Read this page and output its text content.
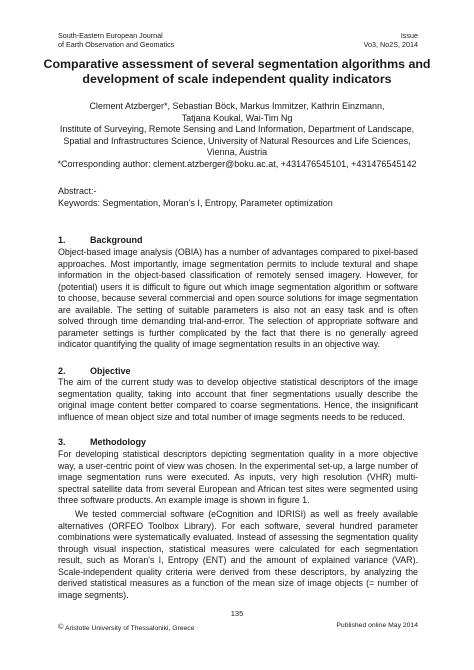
South-Eastern European Journal
of Earth Observation and Geomatics
Issue
Vo3, No2S, 2014
Comparative assessment of several segmentation algorithms and
development of scale independent quality indicators
Clement Atzberger*, Sebastian Böck, Markus Immitzer, Kathrin Einzmann,
Tatjana Koukal, Wai-Tim Ng
Institute of Surveying, Remote Sensing and Land Information, Department of Landscape,
Spatial and Infrastructures Science, University of Natural Resources and Life Sciences,
Vienna, Austria
*Corresponding author: clement.atzberger@boku.ac.at, +431476545101, +431476545142
Abstract:-
Keywords: Segmentation, Moran’s I, Entropy, Parameter optimization
1.	Background

Object-based image analysis (OBIA) has a number of advantages compared to pixel-based approaches. Most importantly, image segmentation permits to include textural and shape information in the object-based classification of remotely sensed imagery. However, for (potential) users it is difficult to figure out which image segmentation algorithm or software to choose, because several commercial and open source solutions for image segmentation are available. The setting of suitable parameters is also not an easy task and is often solved through time demanding trial-and-error. The selection of appropriate software and parameter settings is further complicated by the fact that there is no generally agreed indicator quantifying the quality of image segmentation results in an objective way.

2.	Objective

The aim of the current study was to develop objective statistical descriptors of the image segmentation quality, taking into account that finer segmentations usually describe the original image content better compared to coarse segmentations. Hence, the insignificant influence of mean object size and total number of image segments needs to be reduced.

3.	Methodology

For developing statistical descriptors depicting segmentation quality in a more objective way, a user-centric point of view was chosen. In the experimental set-up, a large number of image segmentation runs were executed. As inputs, very high resolution (VHR) multi-spectral satellite data from several European and African test sites were segmented using three software products. An example image is shown in figure 1.

We tested commercial software (eCognition and IDRISI) as well as freely available alternatives (ORFEO Toolbox Library). For each software, several hundred parameter combinations were systematically evaluated. Instead of assessing the segmentation quality through visual inspection, statistical measures were calculated for each segmentation result, such as Moran's I, Entropy (ENT) and the amount of explained variance (VAR). Scale-independent quality criteria were derived from these descriptors, by analyzing the derived statistical measures as a function of the mean size of image objects (= number of image segments).

135
© Aristotle University of Thessaloniki, Greece	Published online May 2014
